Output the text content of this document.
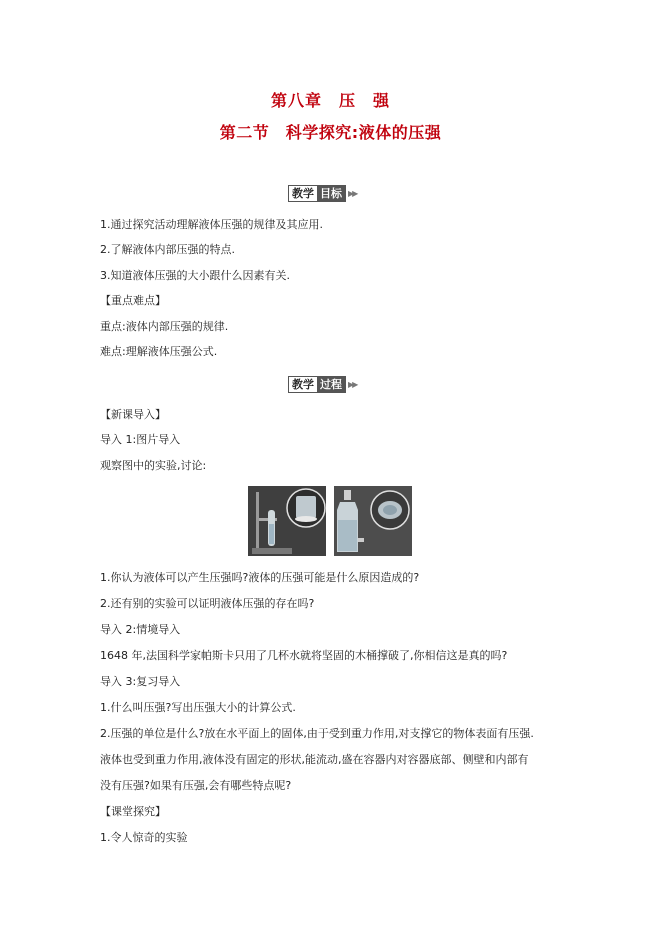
第八章　压　强
第二节　科学探究:液体的压强
教学 目标 ▶▶
1.通过探究活动理解液体压强的规律及其应用.
2.了解液体内部压强的特点.
3.知道液体压强的大小跟什么因素有关.
【重点难点】
重点:液体内部压强的规律.
难点:理解液体压强公式.
教学 过程 ▶▶
【新课导入】
导入 1:图片导入
观察图中的实验,讨论:
1.你认为液体可以产生压强吗?液体的压强可能是什么原因造成的?
2.还有别的实验可以证明液体压强的存在吗?
导入 2:情境导入
1648 年,法国科学家帕斯卡只用了几杯水就将坚固的木桶撑破了,你相信这是真的吗?
导入 3:复习导入
1.什么叫压强?写出压强大小的计算公式.
2.压强的单位是什么?放在水平面上的固体,由于受到重力作用,对支撑它的物体表面有压强.
液体也受到重力作用,液体没有固定的形状,能流动,盛在容器内对容器底部、侧壁和内部有
没有压强?如果有压强,会有哪些特点呢?
【课堂探究】
1.令人惊奇的实验
